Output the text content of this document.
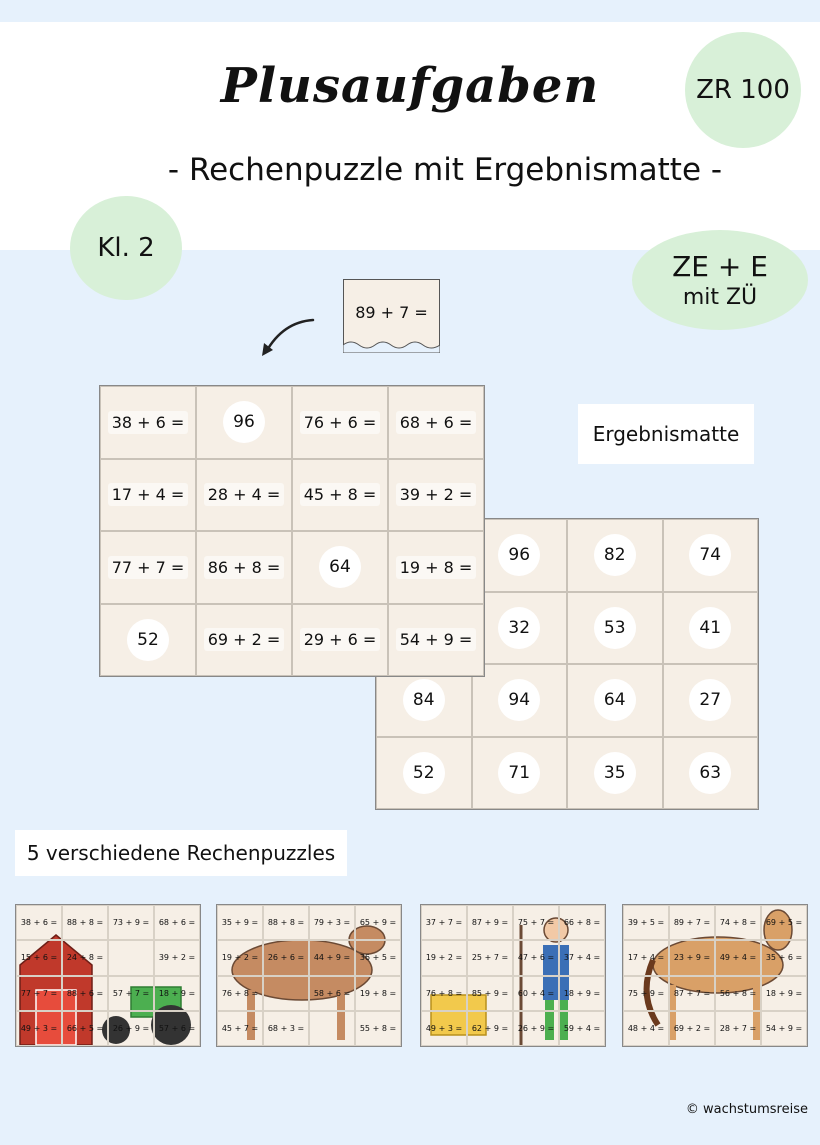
Plusaufgaben
- Rechenpuzzle mit Ergebnismatte -
ZR 100
Kl. 2
ZE + E
mit ZÜ
89 + 7 =
96	82	74
32	53	41
84	94	64	27
52	71	35	63
38 + 6 =	96	76 + 6 = 68 + 6 =
17 + 4 = 28 + 4 = 45 + 8 = 39 + 2 =
77 + 7 = 86 + 8 =	64	19 + 8 =
52	69 + 2 = 29 + 6 = 54 + 9 =
Ergebnismatte
5 verschiedene Rechenpuzzles
38 + 6 = 88 + 8 = 73 + 9 = 68 + 6 =
15 + 6 = 24 + 8 =	39 + 2 =
77 + 7 = 88 + 6 = 57 + 7 = 18 + 9 =
49 + 3 = 66 + 5 = 26 + 9 = 57 + 6 =
35 + 9 = 88 + 8 = 79 + 3 = 65 + 9 =
19 + 2 = 26 + 6 = 44 + 9 = 36 + 5 =
76 + 8 =	58 + 6 = 19 + 8 =
45 + 7 = 68 + 3 =	55 + 8 =
37 + 7 = 87 + 9 = 75 + 7 = 66 + 8 =
19 + 2 = 25 + 7 = 47 + 6 = 37 + 4 =
76 + 8 = 85 + 9 = 60 + 4 = 18 + 9 =
49 + 3 = 62 + 9 = 26 + 9 = 59 + 4 =
39 + 5 = 89 + 7 = 74 + 8 = 69 + 5 =
17 + 4 = 23 + 9 = 49 + 4 = 35 + 6 =
75 + 9 = 87 + 7 = 56 + 8 = 18 + 9 =
48 + 4 = 69 + 2 = 28 + 7 = 54 + 9 =
© wachstumsreise
